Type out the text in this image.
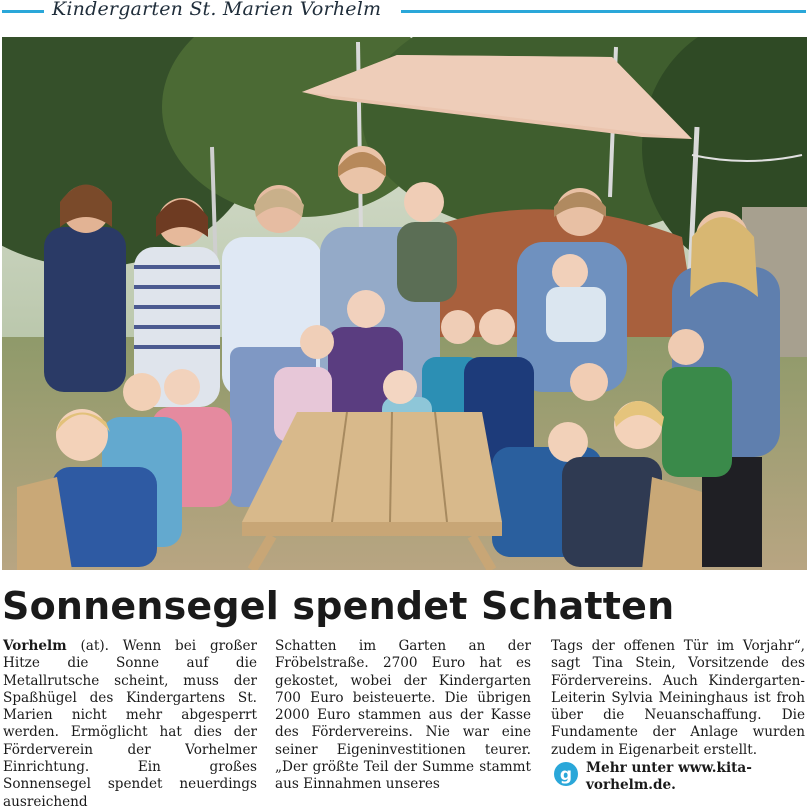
Kindergarten St. Marien Vorhelm
Sonnensegel spendet Schatten

Vorhelm (at). Wenn bei großer Hitze die Sonne auf die Metallrutsche scheint, muss der Spaßhügel des Kindergartens St. Marien nicht mehr abgesperrt werden. Ermöglicht hat dies der Förderverein der Vorhelmer Einrichtung. Ein großes Sonnensegel spendet neuerdings ausreichend

Schatten im Garten an der Fröbelstraße. 2700 Euro hat es gekostet, wobei der Kindergarten 700 Euro beisteuerte. Die übrigen 2000 Euro stammen aus der Kasse des Fördervereins. Nie war eine seiner Eigeninvestitionen teurer. „Der größte Teil der Summe stammt aus Einnahmen unseres

Tags der offenen Tür im Vorjahr“, sagt Tina Stein, Vorsitzende des Fördervereins. Auch Kindergarten-Leiterin Sylvia Meininghaus ist froh über die Neuanschaffung. Die Fundamente der Anlage wurden zudem in Eigenarbeit erstellt.

g Mehr unter www.kita-vorhelm.de.
